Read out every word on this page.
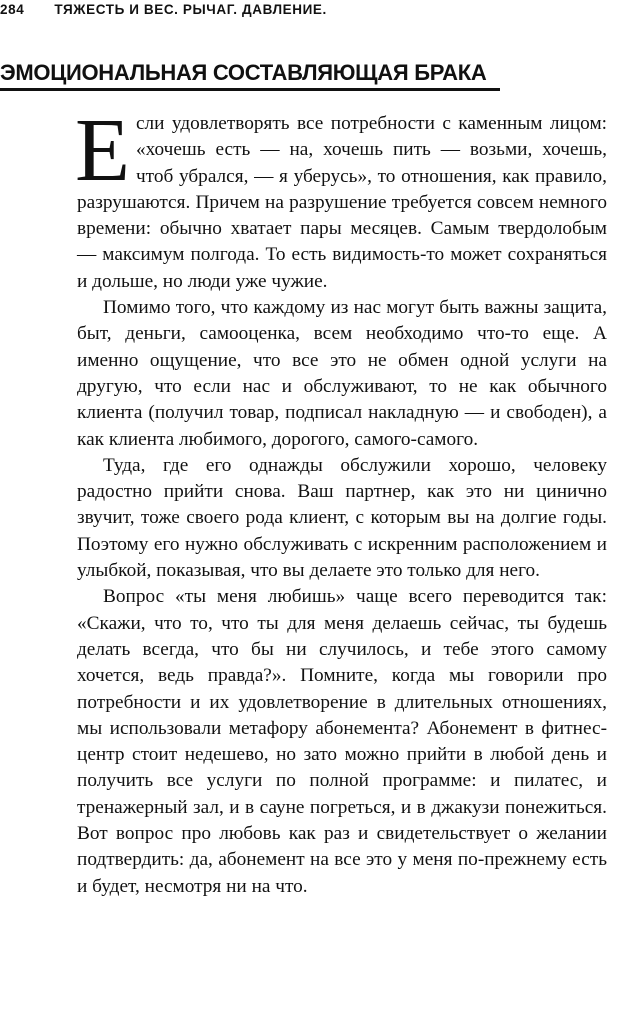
284 ТЯЖЕСТЬ И ВЕС. РЫЧАГ. ДАВЛЕНИЕ.
ЭМОЦИОНАЛЬНАЯ СОСТАВЛЯЮЩАЯ БРАКА

Если удовлетворять все потребности с каменным лицом: «хочешь есть — на, хочешь пить — возьми, хочешь, чтоб убрался, — я уберусь», то отношения, как правило, разрушаются. Причем на разрушение требуется совсем немного времени: обычно хватает пары месяцев. Самым твердолобым — максимум полгода. То есть видимость-то может сохраняться и дольше, но люди уже чужие.

Помимо того, что каждому из нас могут быть важны защита, быт, деньги, самооценка, всем необходимо что-то еще. А именно ощущение, что все это не обмен одной услуги на другую, что если нас и обслуживают, то не как обычного клиента (получил товар, подписал накладную — и свободен), а как клиента любимого, дорогого, самого-самого.

Туда, где его однажды обслужили хорошо, человеку радостно прийти снова. Ваш партнер, как это ни цинично звучит, тоже своего рода клиент, с которым вы на долгие годы. Поэтому его нужно обслуживать с искренним расположением и улыбкой, показывая, что вы делаете это только для него.

Вопрос «ты меня любишь» чаще всего переводится так: «Скажи, что то, что ты для меня делаешь сейчас, ты будешь делать всегда, что бы ни случилось, и тебе этого самому хочется, ведь правда?». Помните, когда мы говорили про потребности и их удовлетворение в длительных отношениях, мы использовали метафору абонемента? Абонемент в фитнес-центр стоит недешево, но зато можно прийти в любой день и получить все услуги по полной программе: и пилатес, и тренажерный зал, и в сауне погреться, и в джакузи понежиться. Вот вопрос про любовь как раз и свидетельствует о желании подтвердить: да, абонемент на все это у меня по-прежнему есть и будет, несмотря ни на что.
